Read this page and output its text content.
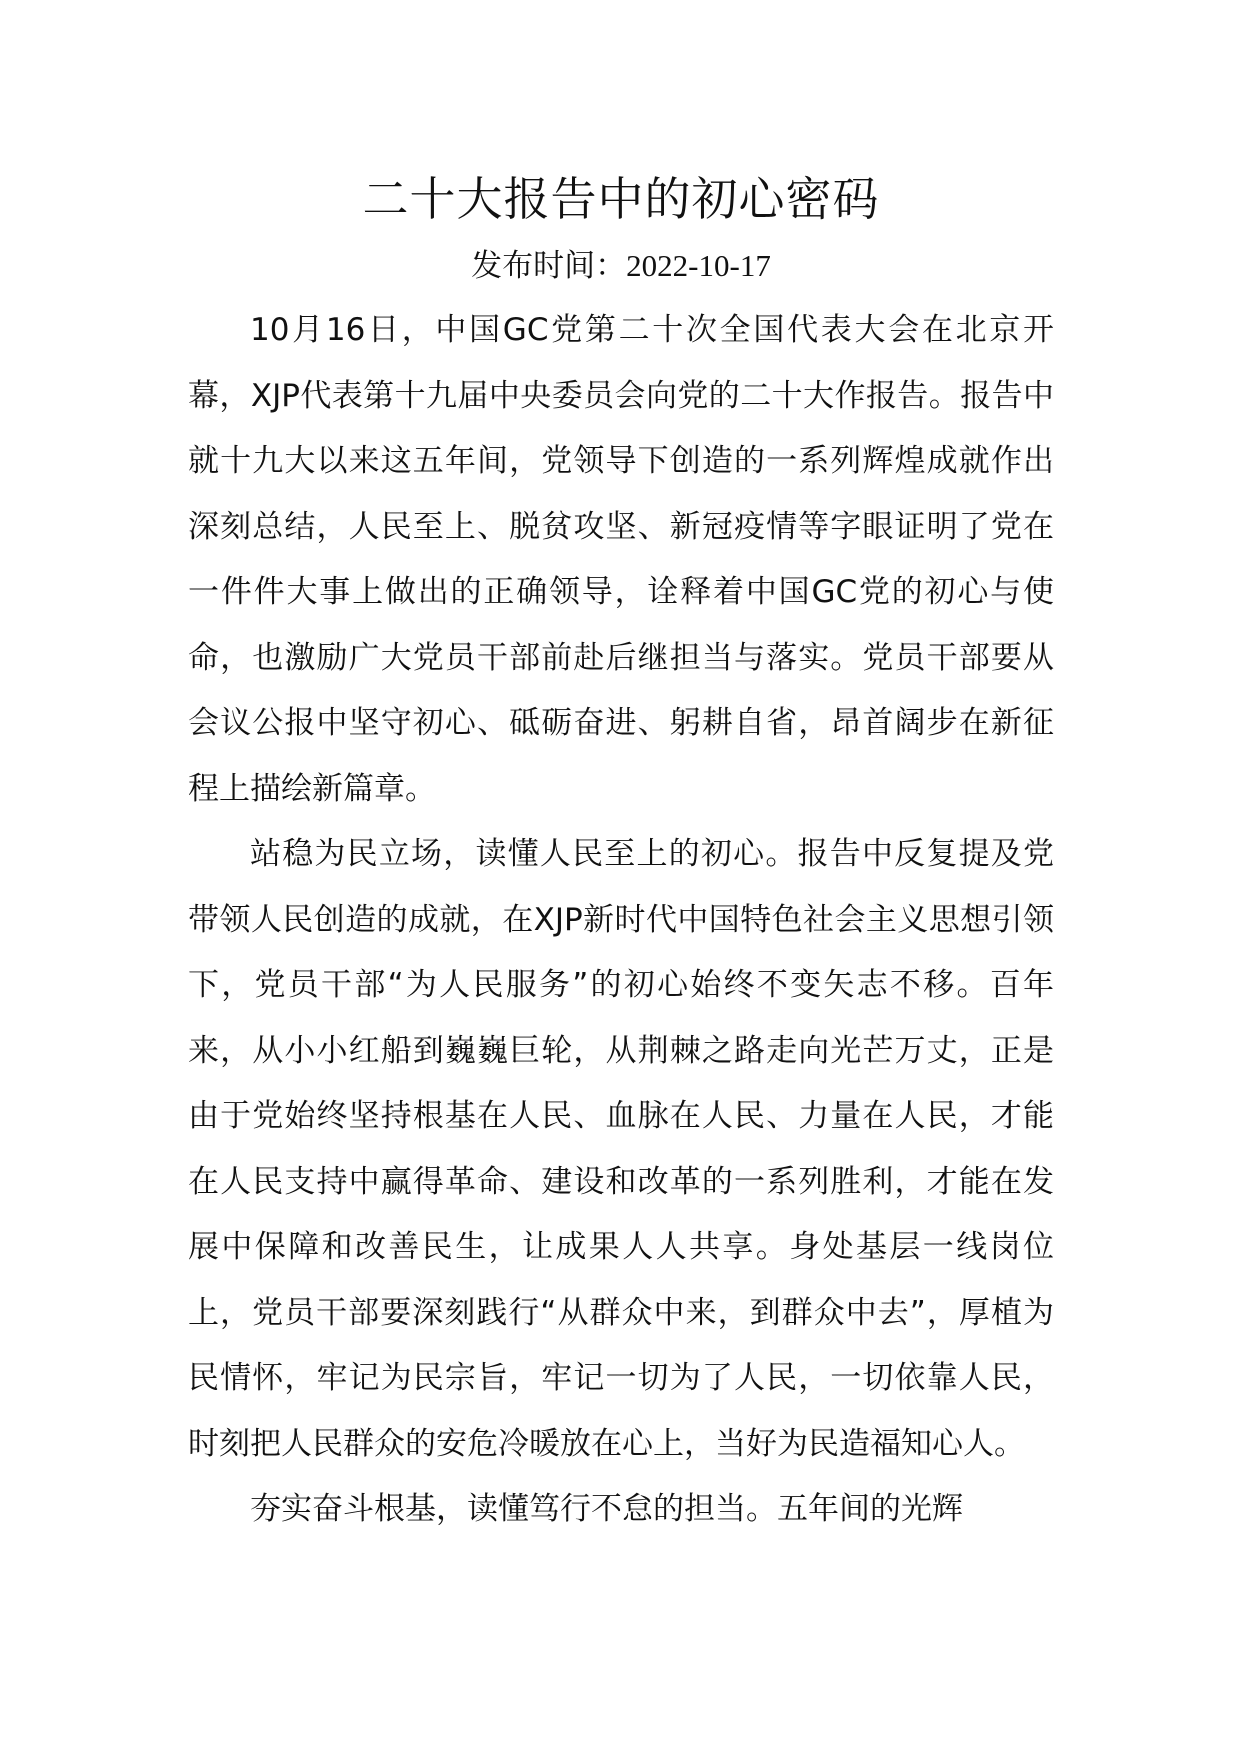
二十大报告中的初心密码

发布时间：2022-10-17

10月16日，中国GC党第二十次全国代表大会在北京开幕，XJP代表第十九届中央委员会向党的二十大作报告。报告中就十九大以来这五年间，党领导下创造的一系列辉煌成就作出深刻总结，人民至上、脱贫攻坚、新冠疫情等字眼证明了党在一件件大事上做出的正确领导，诠释着中国GC党的初心与使命，也激励广大党员干部前赴后继担当与落实。党员干部要从会议公报中坚守初心、砥砺奋进、躬耕自省，昂首阔步在新征程上描绘新篇章。

站稳为民立场，读懂人民至上的初心。报告中反复提及党带领人民创造的成就，在XJP新时代中国特色社会主义思想引领下，党员干部“为人民服务”的初心始终不变矢志不移。百年来，从小小红船到巍巍巨轮，从荆棘之路走向光芒万丈，正是由于党始终坚持根基在人民、血脉在人民、力量在人民，才能在人民支持中赢得革命、建设和改革的一系列胜利，才能在发展中保障和改善民生，让成果人人共享。身处基层一线岗位上，党员干部要深刻践行“从群众中来，到群众中去”，厚植为民情怀，牢记为民宗旨，牢记一切为了人民，一切依靠人民，时刻把人民群众的安危冷暖放在心上，当好为民造福知心人。

夯实奋斗根基，读懂笃行不怠的担当。五年间的光辉
